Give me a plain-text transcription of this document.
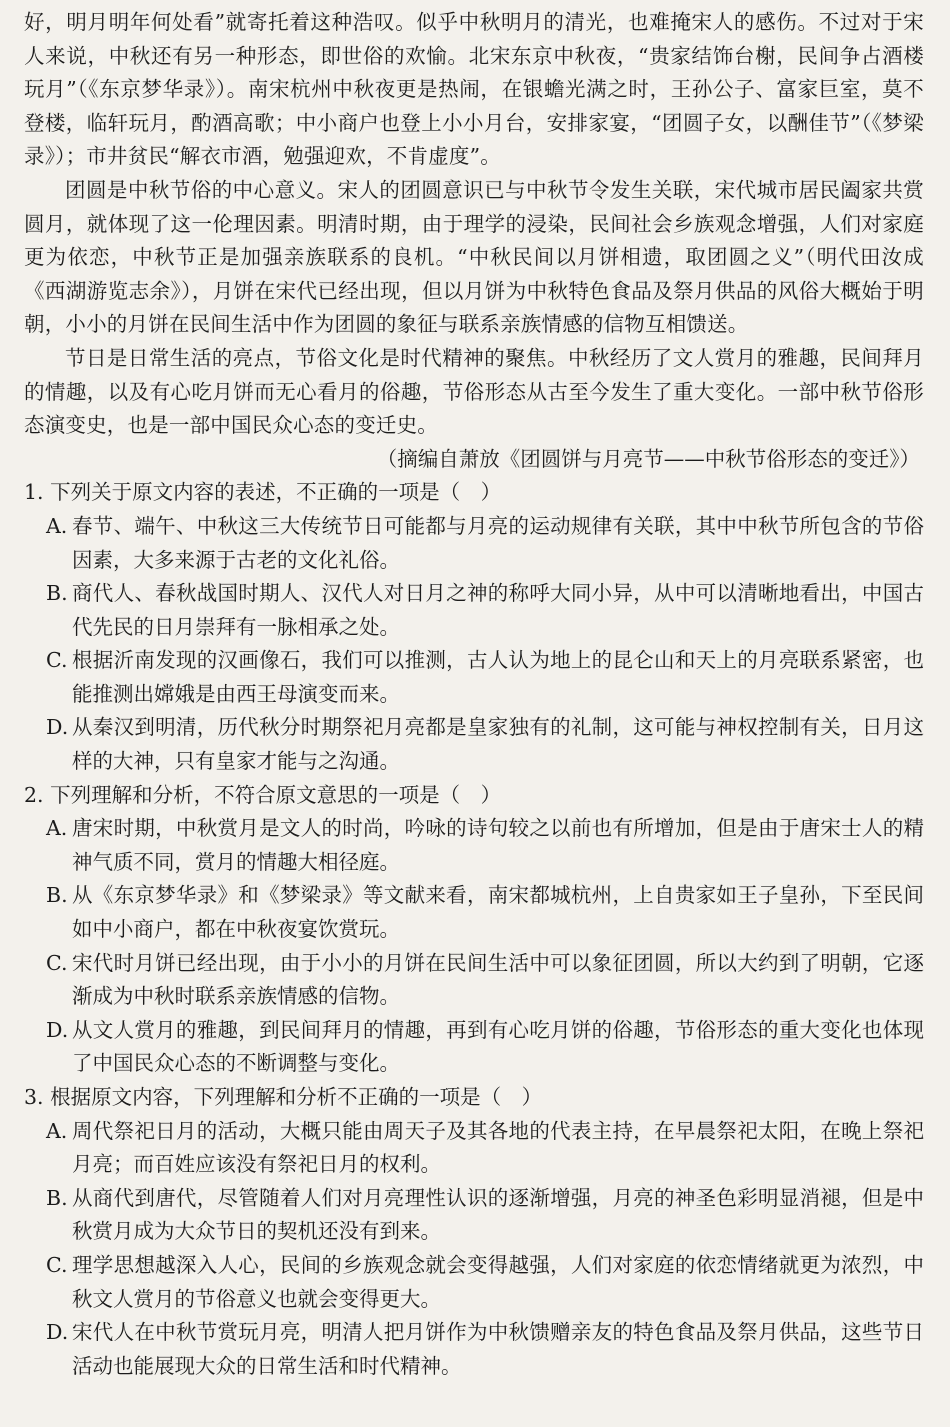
好，明月明年何处看”就寄托着这种浩叹。似乎中秋明月的清光，也难掩宋人的感伤。不过对于宋人来说，中秋还有另一种形态，即世俗的欢愉。北宋东京中秋夜，“贵家结饰台榭，民间争占酒楼玩月”（《东京梦华录》）。南宋杭州中秋夜更是热闹，在银蟾光满之时，王孙公子、富家巨室，莫不登楼，临轩玩月，酌酒高歌；中小商户也登上小小月台，安排家宴，“团圆子女，以酬佳节”（《梦梁录》）；市井贫民“解衣市酒，勉强迎欢，不肯虚度”。

团圆是中秋节俗的中心意义。宋人的团圆意识已与中秋节令发生关联，宋代城市居民阖家共赏圆月，就体现了这一伦理因素。明清时期，由于理学的浸染，民间社会乡族观念增强，人们对家庭更为依恋，中秋节正是加强亲族联系的良机。“中秋民间以月饼相遗，取团圆之义”（明代田汝成《西湖游览志余》），月饼在宋代已经出现，但以月饼为中秋特色食品及祭月供品的风俗大概始于明朝，小小的月饼在民间生活中作为团圆的象征与联系亲族情感的信物互相馈送。

节日是日常生活的亮点，节俗文化是时代精神的聚焦。中秋经历了文人赏月的雅趣，民间拜月的情趣，以及有心吃月饼而无心看月的俗趣，节俗形态从古至今发生了重大变化。一部中秋节俗形态演变史，也是一部中国民众心态的变迁史。

（摘编自萧放《团圆饼与月亮节——中秋节俗形态的变迁》）

1. 下列关于原文内容的表述，不正确的一项是（　）

A. 春节、端午、中秋这三大传统节日可能都与月亮的运动规律有关联，其中中秋节所包含的节俗因素，大多来源于古老的文化礼俗。
B. 商代人、春秋战国时期人、汉代人对日月之神的称呼大同小异，从中可以清晰地看出，中国古代先民的日月崇拜有一脉相承之处。
C. 根据沂南发现的汉画像石，我们可以推测，古人认为地上的昆仑山和天上的月亮联系紧密，也能推测出嫦娥是由西王母演变而来。
D. 从秦汉到明清，历代秋分时期祭祀月亮都是皇家独有的礼制，这可能与神权控制有关，日月这样的大神，只有皇家才能与之沟通。

2. 下列理解和分析，不符合原文意思的一项是（　）

A. 唐宋时期，中秋赏月是文人的时尚，吟咏的诗句较之以前也有所增加，但是由于唐宋士人的精神气质不同，赏月的情趣大相径庭。
B. 从《东京梦华录》和《梦梁录》等文献来看，南宋都城杭州，上自贵家如王子皇孙，下至民间如中小商户，都在中秋夜宴饮赏玩。
C. 宋代时月饼已经出现，由于小小的月饼在民间生活中可以象征团圆，所以大约到了明朝，它逐渐成为中秋时联系亲族情感的信物。
D. 从文人赏月的雅趣，到民间拜月的情趣，再到有心吃月饼的俗趣，节俗形态的重大变化也体现了中国民众心态的不断调整与变化。

3. 根据原文内容，下列理解和分析不正确的一项是（　）

A. 周代祭祀日月的活动，大概只能由周天子及其各地的代表主持，在早晨祭祀太阳，在晚上祭祀月亮；而百姓应该没有祭祀日月的权利。
B. 从商代到唐代，尽管随着人们对月亮理性认识的逐渐增强，月亮的神圣色彩明显消褪，但是中秋赏月成为大众节日的契机还没有到来。
C. 理学思想越深入人心，民间的乡族观念就会变得越强，人们对家庭的依恋情绪就更为浓烈，中秋文人赏月的节俗意义也就会变得更大。
D. 宋代人在中秋节赏玩月亮，明清人把月饼作为中秋馈赠亲友的特色食品及祭月供品，这些节日活动也能展现大众的日常生活和时代精神。
